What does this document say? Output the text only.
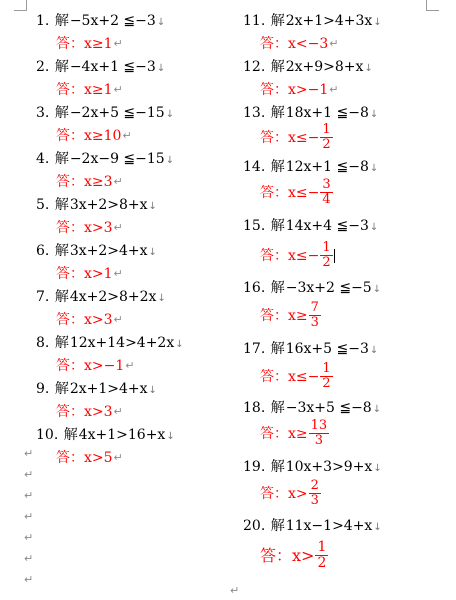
1. 解−5x+2 ≦−3↓
答： x≥1 ↵
2. 解−4x+1 ≦−3↓
答： x≥1 ↵
3. 解−2x+5 ≦−15↓
答： x≥10 ↵
4. 解−2x−9 ≦−15↓
答： x≥3 ↵
5. 解3x+2>8+x↓
答： x>3 ↵
6. 解3x+2>4+x↓
答： x>1 ↵
7. 解4x+2>8+2x↓
答： x>3 ↵
8. 解12x+14>4+2x↓
答： x>−1 ↵
9. 解2x+1>4+x↓
答： x>3 ↵
10. 解4x+1>16+x↓
答： x>5 ↵
↵
↵
↵
↵
↵
↵
↵
11. 解2x+1>4+3x↓
答： x<−3 ↵
12. 解2x+9>8+x↓
答： x>−1 ↵
13. 解18x+1 ≦−8↓
答： $x\le- \frac{1}{2}$
14. 解12x+1 ≦−8↓
答： $x\le- \frac{3}{4}$
15. 解14x+4 ≦−3↓
答： $x\le- \frac{1}{2}$
16. 解−3x+2 ≦−5↓
答： $x\ge \frac{7}{3}$
17. 解16x+5 ≦−3↓
答： $x\le- \frac{1}{2}$
18. 解−3x+5 ≦−8↓
答： $x\ge \frac{13}{3}$
19. 解10x+3>9+x↓
答： $x> \frac{2}{3}$
20. 解11x−1>4+x↓
答： $x> \frac{1}{2}$
↵
